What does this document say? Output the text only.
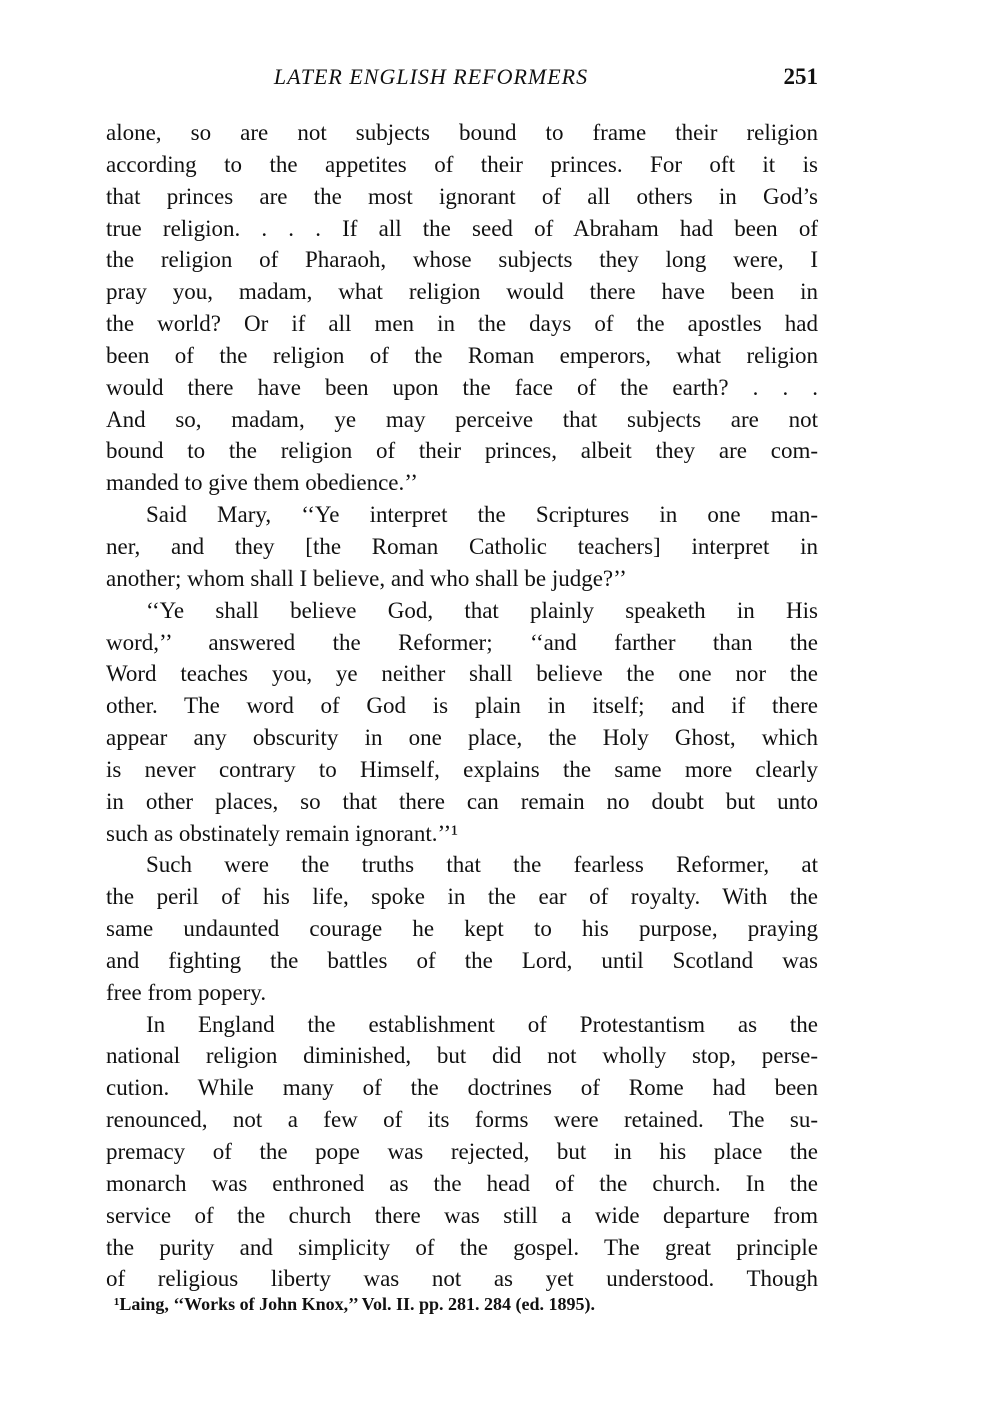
LATER ENGLISH REFORMERS	251
alone, so are not subjects bound to frame their religion
according to the appetites of their princes. For oft it is
that princes are the most ignorant of all others in God’s
true religion. . . . If all the seed of Abraham had been of
the religion of Pharaoh, whose subjects they long were, I
pray you, madam, what religion would there have been in
the world? Or if all men in the days of the apostles had
been of the religion of the Roman emperors, what religion
would there have been upon the face of the earth? . . .
And so, madam, ye may perceive that subjects are not
bound to the religion of their princes, albeit they are com-
manded to give them obedience.’’
Said Mary, ‘‘Ye interpret the Scriptures in one man-
ner, and they [the Roman Catholic teachers] interpret in
another; whom shall I believe, and who shall be judge?’’
‘‘Ye shall believe God, that plainly speaketh in His
word,’’ answered the Reformer; ‘‘and farther than the
Word teaches you, ye neither shall believe the one nor the
other. The word of God is plain in itself; and if there
appear any obscurity in one place, the Holy Ghost, which
is never contrary to Himself, explains the same more clearly
in other places, so that there can remain no doubt but unto
such as obstinately remain ignorant.’’¹
Such were the truths that the fearless Reformer, at
the peril of his life, spoke in the ear of royalty. With the
same undaunted courage he kept to his purpose, praying
and fighting the battles of the Lord, until Scotland was
free from popery.
In England the establishment of Protestantism as the
national religion diminished, but did not wholly stop, perse-
cution. While many of the doctrines of Rome had been
renounced, not a few of its forms were retained. The su-
premacy of the pope was rejected, but in his place the
monarch was enthroned as the head of the church. In the
service of the church there was still a wide departure from
the purity and simplicity of the gospel. The great principle
of religious liberty was not as yet understood. Though
¹Laing, ‘‘Works of John Knox,’’ Vol. II. pp. 281. 284 (ed. 1895).
